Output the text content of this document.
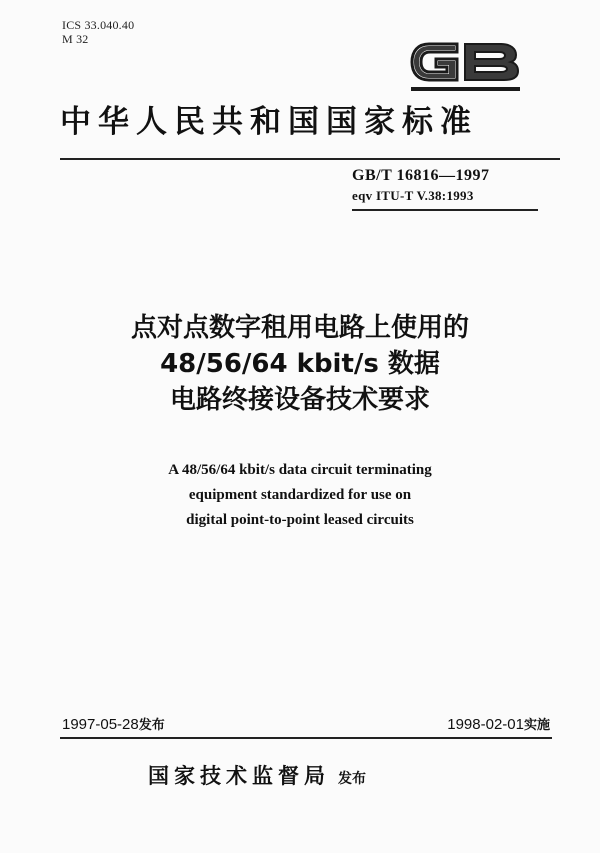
ICS 33.040.40
M 32
中华人民共和国国家标准
GB/T 16816—1997
eqv ITU-T V.38:1993
点对点数字租用电路上使用的
48/56/64 kbit/s 数据
电路终接设备技术要求
A 48/56/64 kbit/s data circuit terminating
equipment standardized for use on
digital point-to-point leased circuits
1997-05-28发布	1998-02-01实施
国家技术监督局 发布
